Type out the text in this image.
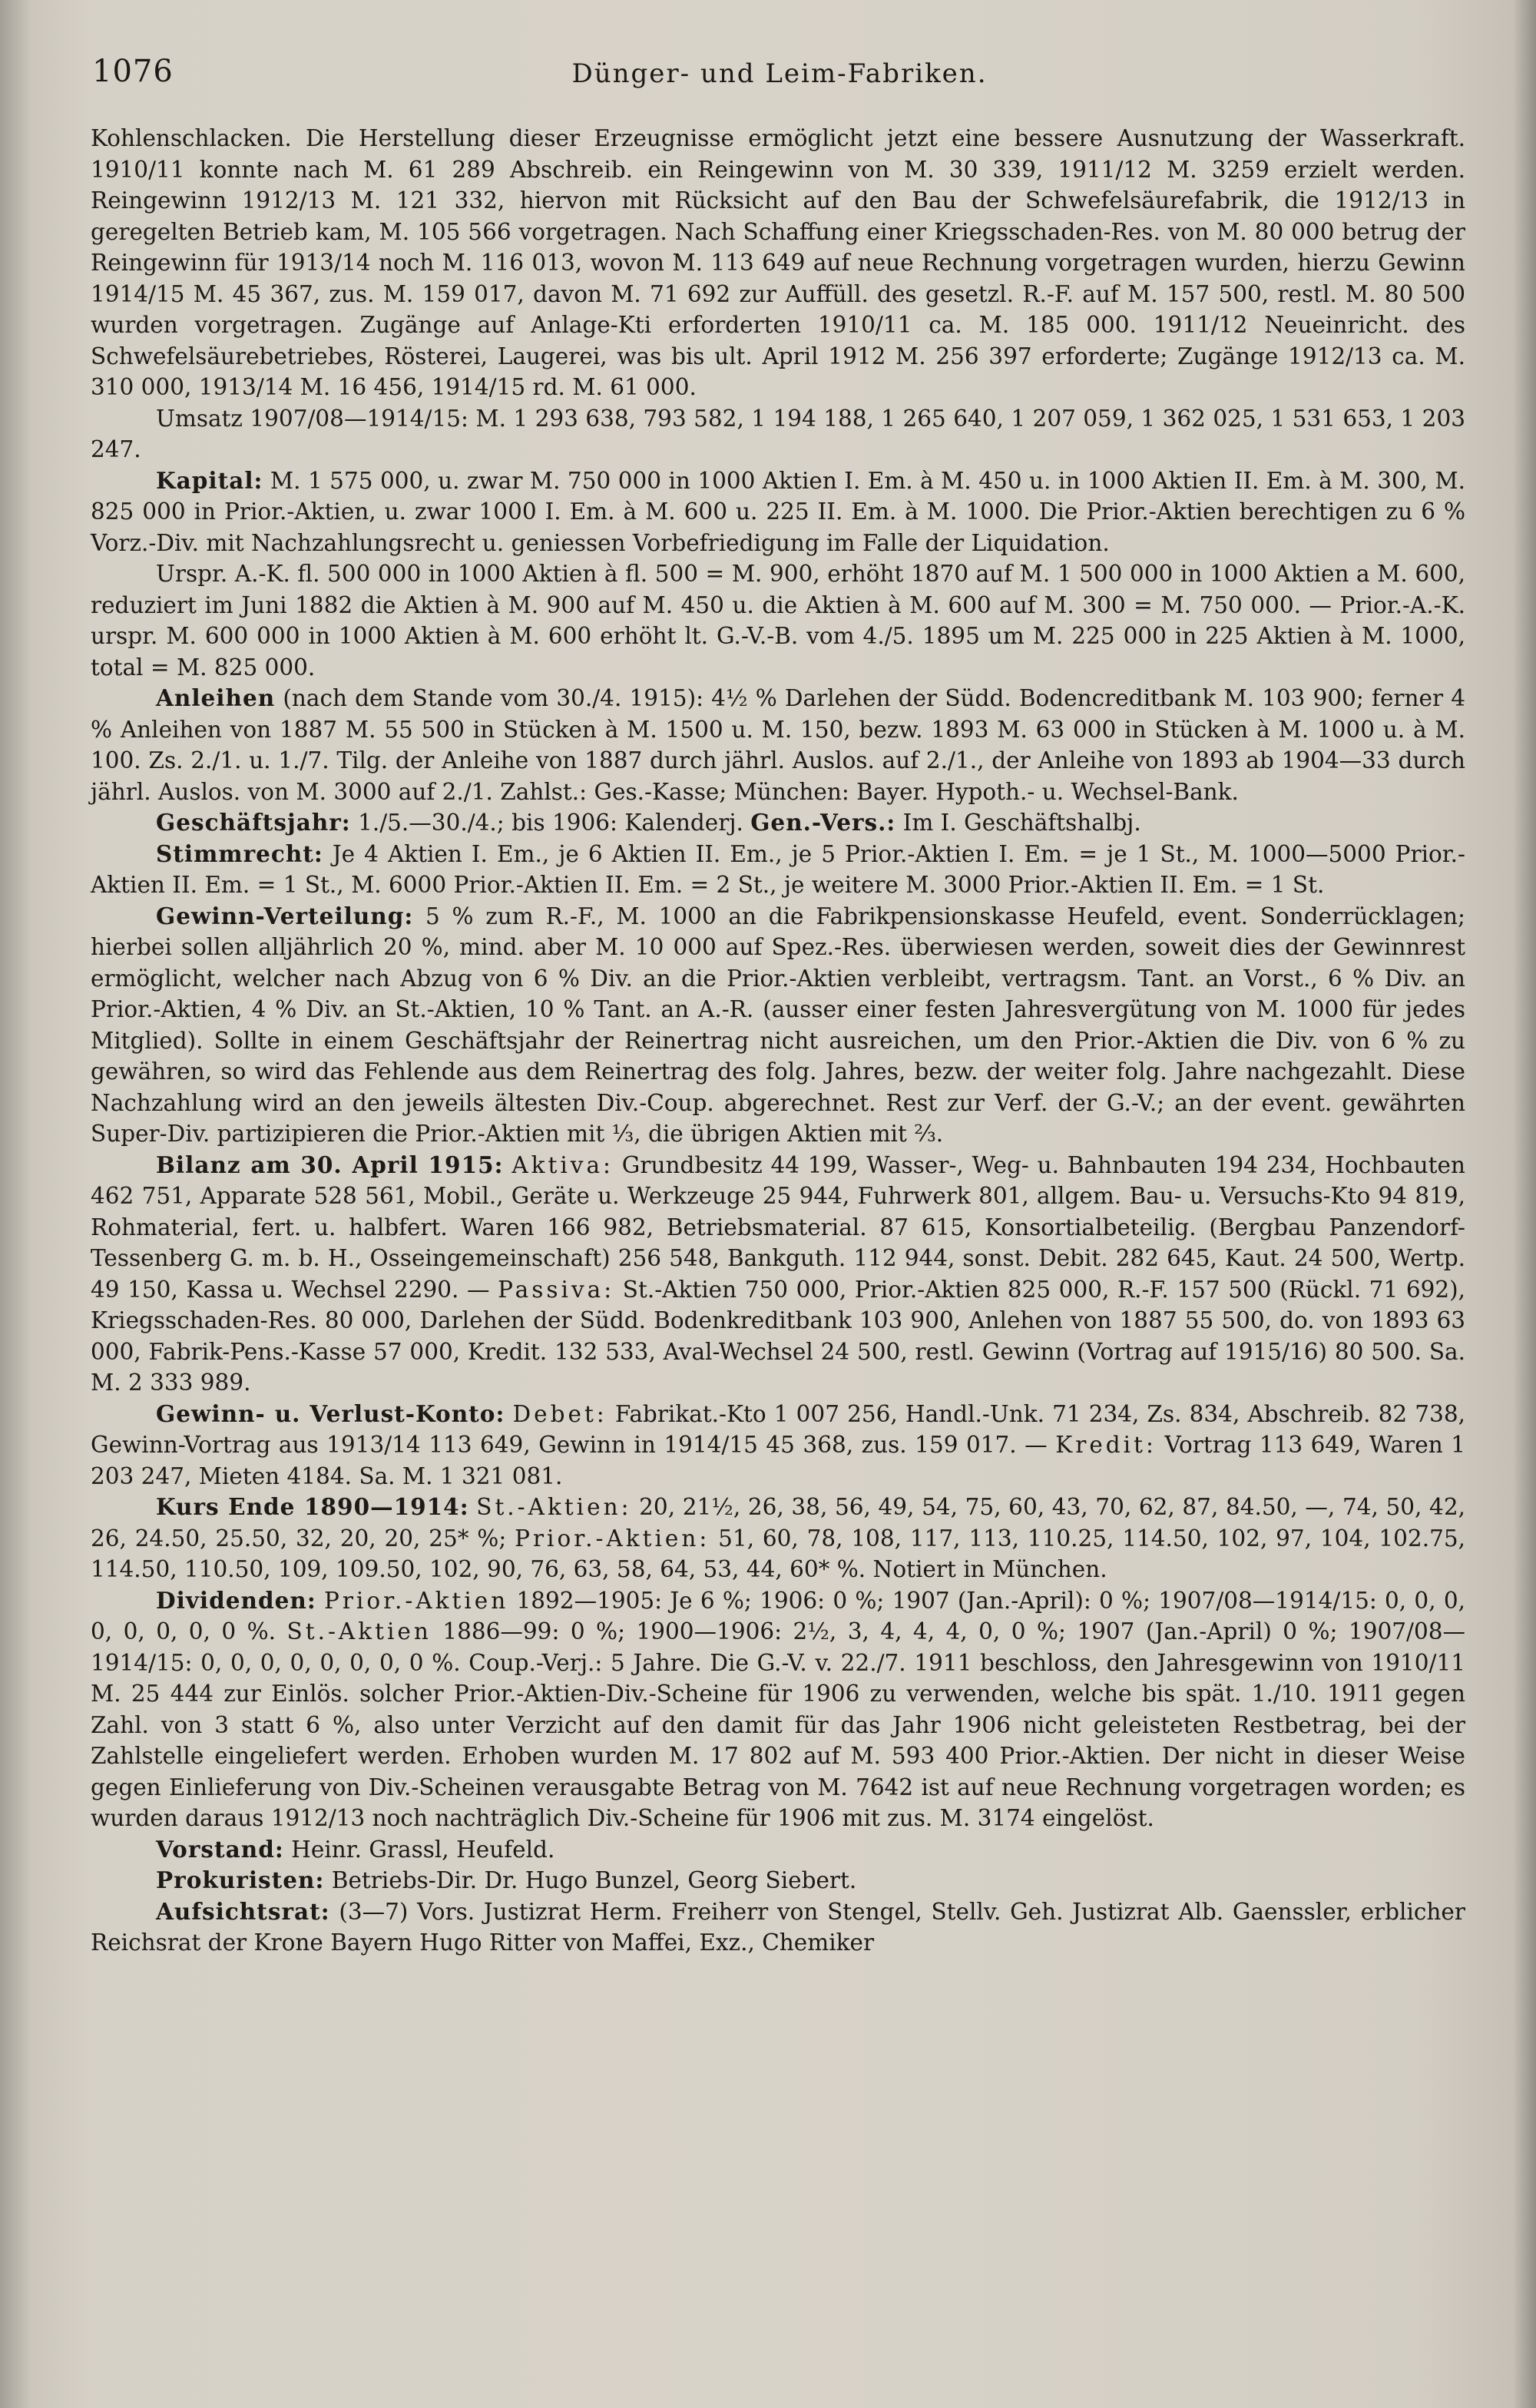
1076	Dünger- und Leim-Fabriken.

Kohlenschlacken. Die Herstellung dieser Erzeugnisse ermöglicht jetzt eine bessere Ausnutzung der Wasserkraft. 1910/11 konnte nach M. 61 289 Abschreib. ein Reingewinn von M. 30 339, 1911/12 M. 3259 erzielt werden. Reingewinn 1912/13 M. 121 332, hiervon mit Rücksicht auf den Bau der Schwefelsäurefabrik, die 1912/13 in geregelten Betrieb kam, M. 105 566 vorgetragen. Nach Schaffung einer Kriegsschaden-Res. von M. 80 000 betrug der Reingewinn für 1913/14 noch M. 116 013, wovon M. 113 649 auf neue Rechnung vorgetragen wurden, hierzu Gewinn 1914/15 M. 45 367, zus. M. 159 017, davon M. 71 692 zur Auffüll. des gesetzl. R.-F. auf M. 157 500, restl. M. 80 500 wurden vorgetragen. Zugänge auf Anlage-Kti erforderten 1910/11 ca. M. 185 000. 1911/12 Neueinricht. des Schwefelsäurebetriebes, Rösterei, Laugerei, was bis ult. April 1912 M. 256 397 erforderte; Zugänge 1912/13 ca. M. 310 000, 1913/14 M. 16 456, 1914/15 rd. M. 61 000.

Umsatz 1907/08—1914/15: M. 1 293 638, 793 582, 1 194 188, 1 265 640, 1 207 059, 1 362 025, 1 531 653, 1 203 247.

Kapital: M. 1 575 000, u. zwar M. 750 000 in 1000 Aktien I. Em. à M. 450 u. in 1000 Aktien II. Em. à M. 300, M. 825 000 in Prior.-Aktien, u. zwar 1000 I. Em. à M. 600 u. 225 II. Em. à M. 1000. Die Prior.-Aktien berechtigen zu 6 % Vorz.-Div. mit Nachzahlungsrecht u. geniessen Vorbefriedigung im Falle der Liquidation.

Urspr. A.-K. fl. 500 000 in 1000 Aktien à fl. 500 = M. 900, erhöht 1870 auf M. 1 500 000 in 1000 Aktien a M. 600, reduziert im Juni 1882 die Aktien à M. 900 auf M. 450 u. die Aktien à M. 600 auf M. 300 = M. 750 000. — Prior.-A.-K. urspr. M. 600 000 in 1000 Aktien à M. 600 erhöht lt. G.-V.-B. vom 4./5. 1895 um M. 225 000 in 225 Aktien à M. 1000, total = M. 825 000.

Anleihen (nach dem Stande vom 30./4. 1915): 4½ % Darlehen der Südd. Bodencreditbank M. 103 900; ferner 4 % Anleihen von 1887 M. 55 500 in Stücken à M. 1500 u. M. 150, bezw. 1893 M. 63 000 in Stücken à M. 1000 u. à M. 100. Zs. 2./1. u. 1./7. Tilg. der Anleihe von 1887 durch jährl. Auslos. auf 2./1., der Anleihe von 1893 ab 1904—33 durch jährl. Auslos. von M. 3000 auf 2./1. Zahlst.: Ges.-Kasse; München: Bayer. Hypoth.- u. Wechsel-Bank.

Geschäftsjahr: 1./5.—30./4.; bis 1906: Kalenderj. Gen.-Vers.: Im I. Geschäftshalbj.

Stimmrecht: Je 4 Aktien I. Em., je 6 Aktien II. Em., je 5 Prior.-Aktien I. Em. = je 1 St., M. 1000—5000 Prior.-Aktien II. Em. = 1 St., M. 6000 Prior.-Aktien II. Em. = 2 St., je weitere M. 3000 Prior.-Aktien II. Em. = 1 St.

Gewinn-Verteilung: 5 % zum R.-F., M. 1000 an die Fabrikpensionskasse Heufeld, event. Sonderrücklagen; hierbei sollen alljährlich 20 %, mind. aber M. 10 000 auf Spez.-Res. überwiesen werden, soweit dies der Gewinnrest ermöglicht, welcher nach Abzug von 6 % Div. an die Prior.-Aktien verbleibt, vertragsm. Tant. an Vorst., 6 % Div. an Prior.-Aktien, 4 % Div. an St.-Aktien, 10 % Tant. an A.-R. (ausser einer festen Jahresvergütung von M. 1000 für jedes Mitglied). Sollte in einem Geschäftsjahr der Reinertrag nicht ausreichen, um den Prior.-Aktien die Div. von 6 % zu gewähren, so wird das Fehlende aus dem Reinertrag des folg. Jahres, bezw. der weiter folg. Jahre nachgezahlt. Diese Nachzahlung wird an den jeweils ältesten Div.-Coup. abgerechnet. Rest zur Verf. der G.-V.; an der event. gewährten Super-Div. partizipieren die Prior.-Aktien mit ⅓, die übrigen Aktien mit ⅔.

Bilanz am 30. April 1915: Aktiva: Grundbesitz 44 199, Wasser-, Weg- u. Bahnbauten 194 234, Hochbauten 462 751, Apparate 528 561, Mobil., Geräte u. Werkzeuge 25 944, Fuhrwerk 801, allgem. Bau- u. Versuchs-Kto 94 819, Rohmaterial, fert. u. halbfert. Waren 166 982, Betriebsmaterial. 87 615, Konsortialbeteilig. (Bergbau Panzendorf-Tessenberg G. m. b. H., Osseingemeinschaft) 256 548, Bankguth. 112 944, sonst. Debit. 282 645, Kaut. 24 500, Wertp. 49 150, Kassa u. Wechsel 2290. — Passiva: St.-Aktien 750 000, Prior.-Aktien 825 000, R.-F. 157 500 (Rückl. 71 692), Kriegsschaden-Res. 80 000, Darlehen der Südd. Bodenkreditbank 103 900, Anlehen von 1887 55 500, do. von 1893 63 000, Fabrik-Pens.-Kasse 57 000, Kredit. 132 533, Aval-Wechsel 24 500, restl. Gewinn (Vortrag auf 1915/16) 80 500. Sa. M. 2 333 989.

Gewinn- u. Verlust-Konto: Debet: Fabrikat.-Kto 1 007 256, Handl.-Unk. 71 234, Zs. 834, Abschreib. 82 738, Gewinn-Vortrag aus 1913/14 113 649, Gewinn in 1914/15 45 368, zus. 159 017. — Kredit: Vortrag 113 649, Waren 1 203 247, Mieten 4184. Sa. M. 1 321 081.

Kurs Ende 1890—1914: St.-Aktien: 20, 21½, 26, 38, 56, 49, 54, 75, 60, 43, 70, 62, 87, 84.50, —, 74, 50, 42, 26, 24.50, 25.50, 32, 20, 20, 25* %; Prior.-Aktien: 51, 60, 78, 108, 117, 113, 110.25, 114.50, 102, 97, 104, 102.75, 114.50, 110.50, 109, 109.50, 102, 90, 76, 63, 58, 64, 53, 44, 60* %. Notiert in München.

Dividenden: Prior.-Aktien 1892—1905: Je 6 %; 1906: 0 %; 1907 (Jan.-April): 0 %; 1907/08—1914/15: 0, 0, 0, 0, 0, 0, 0, 0 %. St.-Aktien 1886—99: 0 %; 1900—1906: 2½, 3, 4, 4, 4, 0, 0 %; 1907 (Jan.-April) 0 %; 1907/08—1914/15: 0, 0, 0, 0, 0, 0, 0, 0 %. Coup.-Verj.: 5 Jahre. Die G.-V. v. 22./7. 1911 beschloss, den Jahresgewinn von 1910/11 M. 25 444 zur Einlös. solcher Prior.-Aktien-Div.-Scheine für 1906 zu verwenden, welche bis spät. 1./10. 1911 gegen Zahl. von 3 statt 6 %, also unter Verzicht auf den damit für das Jahr 1906 nicht geleisteten Restbetrag, bei der Zahlstelle eingeliefert werden. Erhoben wurden M. 17 802 auf M. 593 400 Prior.-Aktien. Der nicht in dieser Weise gegen Einlieferung von Div.-Scheinen verausgabte Betrag von M. 7642 ist auf neue Rechnung vorgetragen worden; es wurden daraus 1912/13 noch nachträglich Div.-Scheine für 1906 mit zus. M. 3174 eingelöst.

Vorstand: Heinr. Grassl, Heufeld.

Prokuristen: Betriebs-Dir. Dr. Hugo Bunzel, Georg Siebert.

Aufsichtsrat: (3—7) Vors. Justizrat Herm. Freiherr von Stengel, Stellv. Geh. Justizrat Alb. Gaenssler, erblicher Reichsrat der Krone Bayern Hugo Ritter von Maffei, Exz., Chemiker
